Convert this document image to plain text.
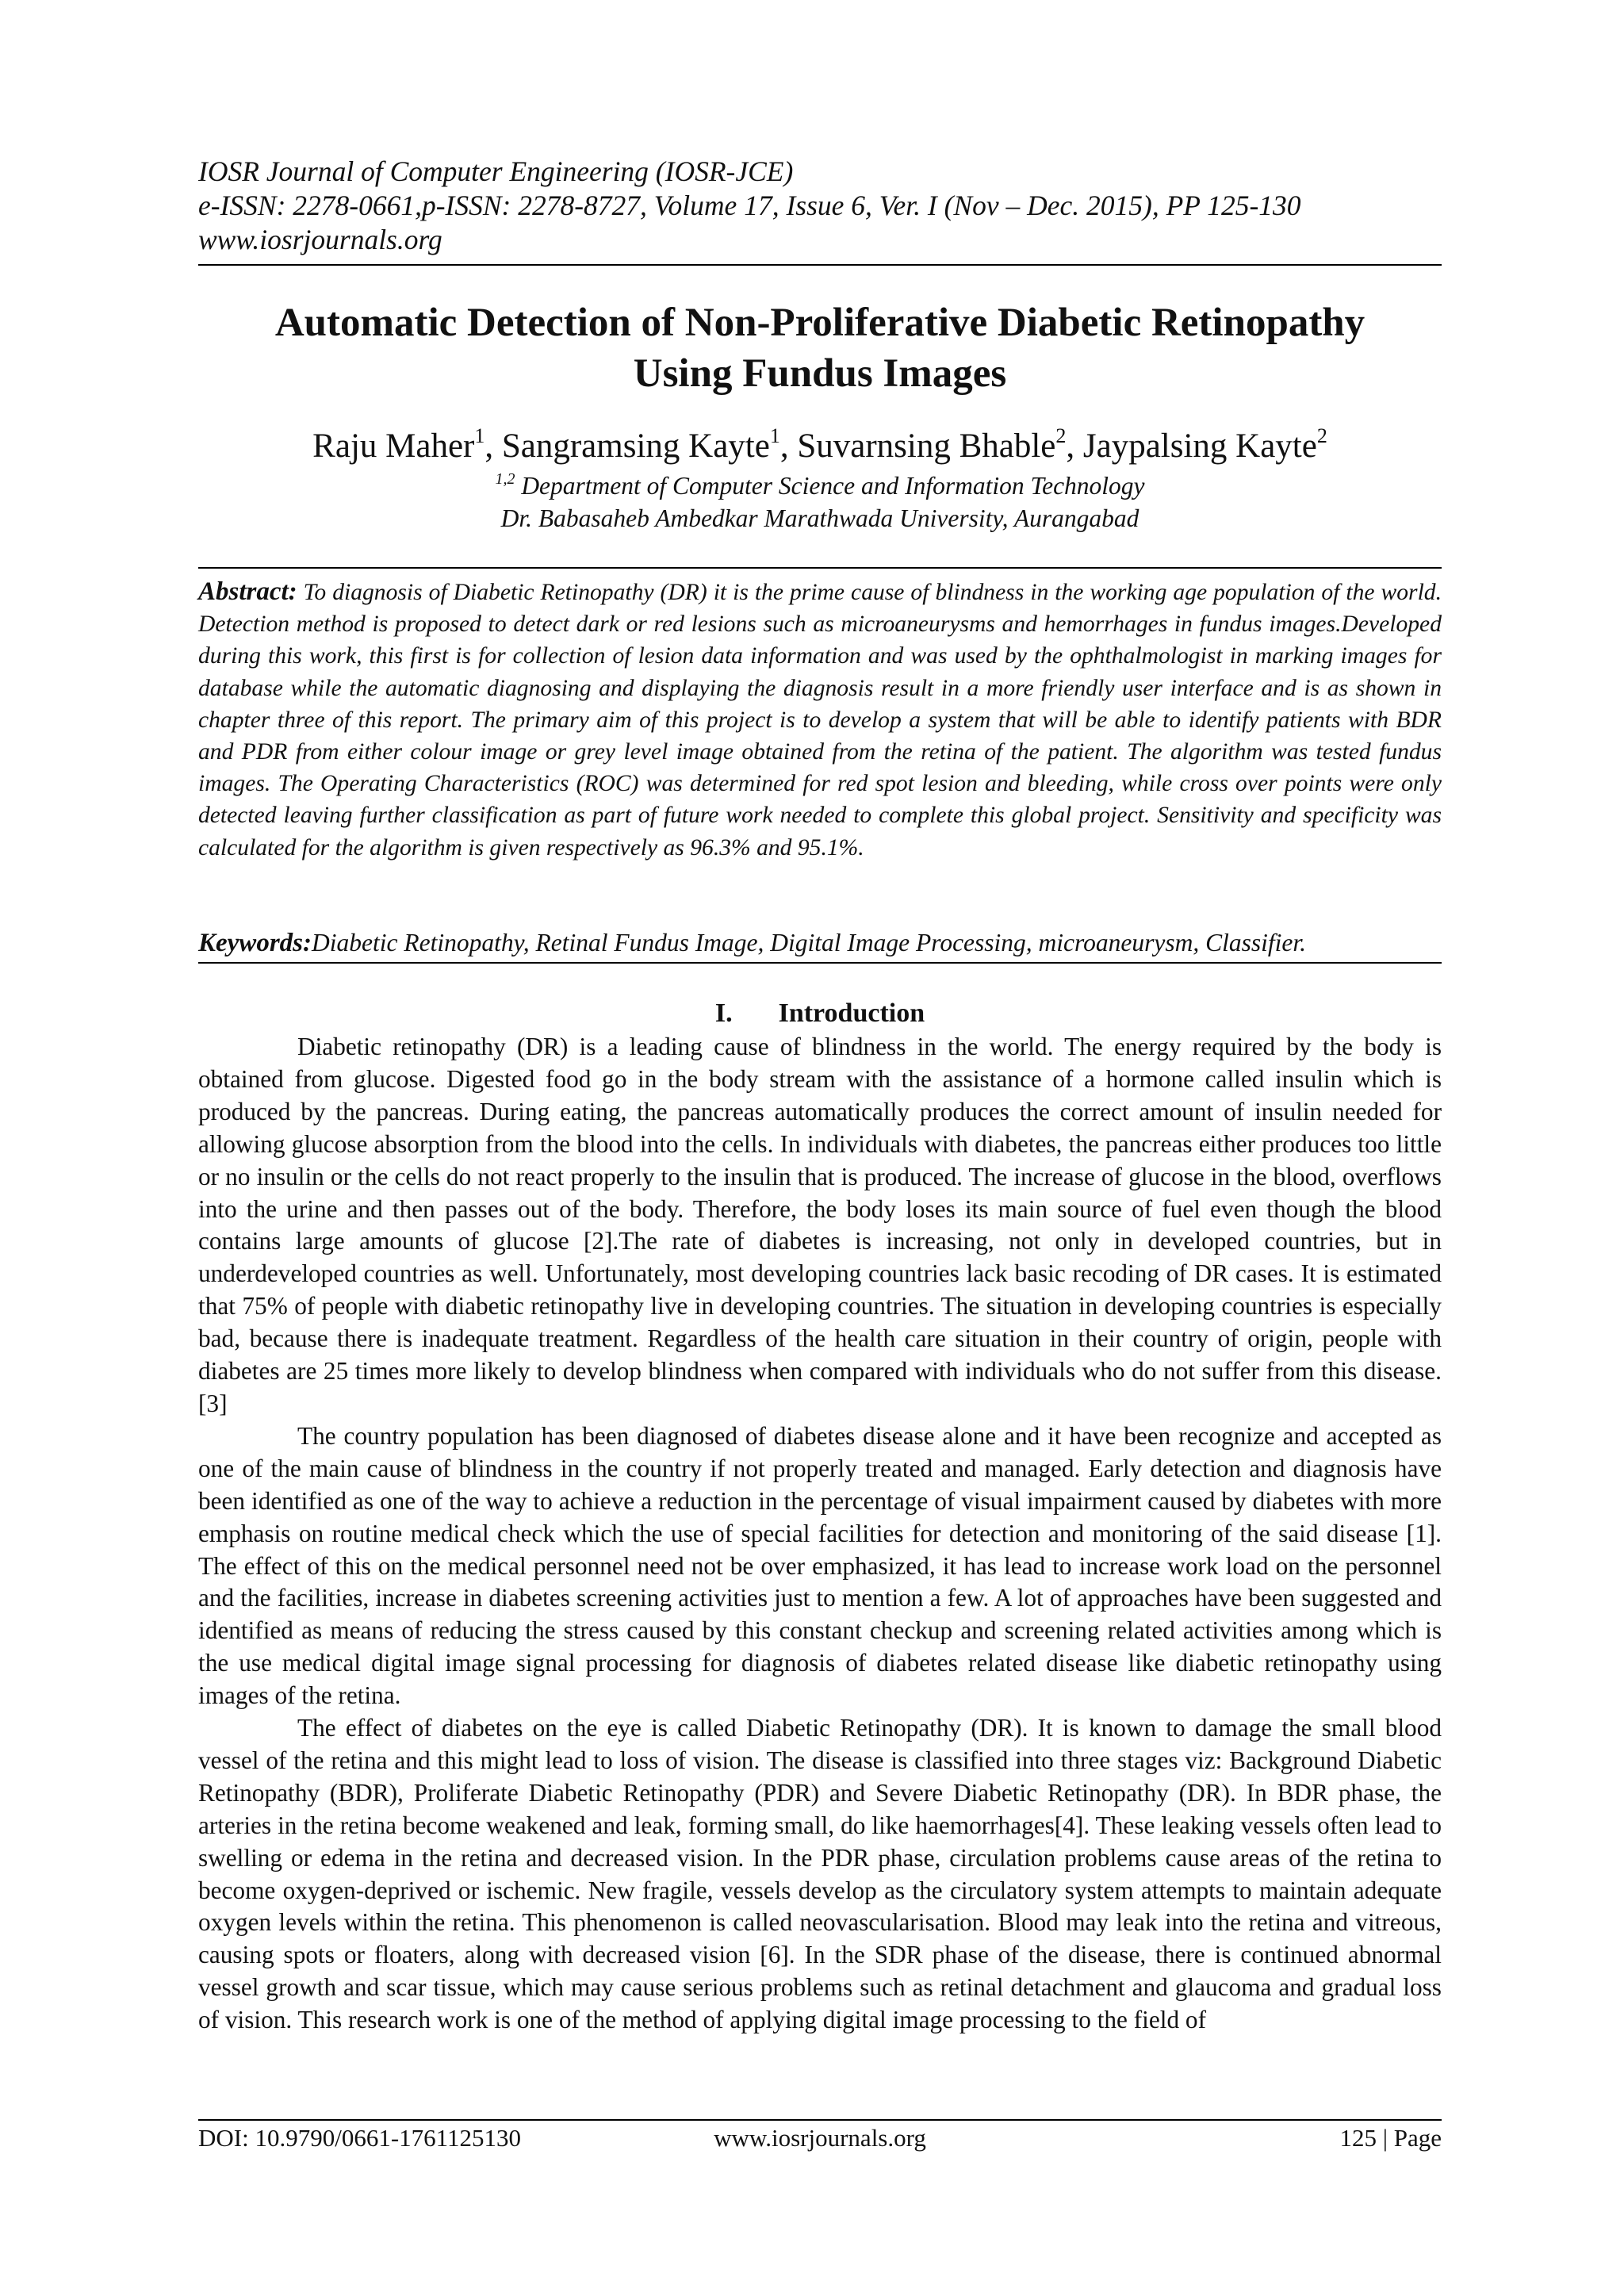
IOSR Journal of Computer Engineering (IOSR-JCE)
e-ISSN: 2278-0661,p-ISSN: 2278-8727, Volume 17, Issue 6, Ver. I (Nov – Dec. 2015), PP 125-130
www.iosrjournals.org
Automatic Detection of Non-Proliferative Diabetic Retinopathy
Using Fundus Images
Raju Maher$^1$, Sangramsing Kayte$^1$, Suvarnsing Bhable$^2$, Jaypalsing Kayte$^2$
$^{1,2}$ Department of Computer Science and Information Technology
Dr. Babasaheb Ambedkar Marathwada University, Aurangabad
Abstract: To diagnosis of Diabetic Retinopathy (DR) it is the prime cause of blindness in the working age population of the world. Detection method is proposed to detect dark or red lesions such as microaneurysms and hemorrhages in fundus images.Developed during this work, this first is for collection of lesion data information and was used by the ophthalmologist in marking images for database while the automatic diagnosing and displaying the diagnosis result in a more friendly user interface and is as shown in chapter three of this report. The primary aim of this project is to develop a system that will be able to identify patients with BDR and PDR from either colour image or grey level image obtained from the retina of the patient. The algorithm was tested fundus images. The Operating Characteristics (ROC) was determined for red spot lesion and bleeding, while cross over points were only detected leaving further classification as part of future work needed to complete this global project. Sensitivity and specificity was calculated for the algorithm is given respectively as 96.3% and 95.1%.
Keywords:Diabetic Retinopathy, Retinal Fundus Image, Digital Image Processing, microaneurysm, Classifier.
I. Introduction

Diabetic retinopathy (DR) is a leading cause of blindness in the world. The energy required by the body is obtained from glucose. Digested food go in the body stream with the assistance of a hormone called insulin which is produced by the pancreas. During eating, the pancreas automatically produces the correct amount of insulin needed for allowing glucose absorption from the blood into the cells. In individuals with diabetes, the pancreas either produces too little or no insulin or the cells do not react properly to the insulin that is produced. The increase of glucose in the blood, overflows into the urine and then passes out of the body. Therefore, the body loses its main source of fuel even though the blood contains large amounts of glucose [2].The rate of diabetes is increasing, not only in developed countries, but in underdeveloped countries as well. Unfortunately, most developing countries lack basic recoding of DR cases. It is estimated that 75% of people with diabetic retinopathy live in developing countries. The situation in developing countries is especially bad, because there is inadequate treatment. Regardless of the health care situation in their country of origin, people with diabetes are 25 times more likely to develop blindness when compared with individuals who do not suffer from this disease.[3]

The country population has been diagnosed of diabetes disease alone and it have been recognize and accepted as one of the main cause of blindness in the country if not properly treated and managed. Early detection and diagnosis have been identified as one of the way to achieve a reduction in the percentage of visual impairment caused by diabetes with more emphasis on routine medical check which the use of special facilities for detection and monitoring of the said disease [1]. The effect of this on the medical personnel need not be over emphasized, it has lead to increase work load on the personnel and the facilities, increase in diabetes screening activities just to mention a few. A lot of approaches have been suggested and identified as means of reducing the stress caused by this constant checkup and screening related activities among which is the use medical digital image signal processing for diagnosis of diabetes related disease like diabetic retinopathy using images of the retina.

The effect of diabetes on the eye is called Diabetic Retinopathy (DR). It is known to damage the small blood vessel of the retina and this might lead to loss of vision. The disease is classified into three stages viz: Background Diabetic Retinopathy (BDR), Proliferate Diabetic Retinopathy (PDR) and Severe Diabetic Retinopathy (DR). In BDR phase, the arteries in the retina become weakened and leak, forming small, do like haemorrhages[4]. These leaking vessels often lead to swelling or edema in the retina and decreased vision. In the PDR phase, circulation problems cause areas of the retina to become oxygen-deprived or ischemic. New fragile, vessels develop as the circulatory system attempts to maintain adequate oxygen levels within the retina. This phenomenon is called neovascularisation. Blood may leak into the retina and vitreous, causing spots or floaters, along with decreased vision [6]. In the SDR phase of the disease, there is continued abnormal vessel growth and scar tissue, which may cause serious problems such as retinal detachment and glaucoma and gradual loss of vision. This research work is one of the method of applying digital image processing to the field of

DOI: 10.9790/0661-1761125130	www.iosrjournals.org	125 | Page
